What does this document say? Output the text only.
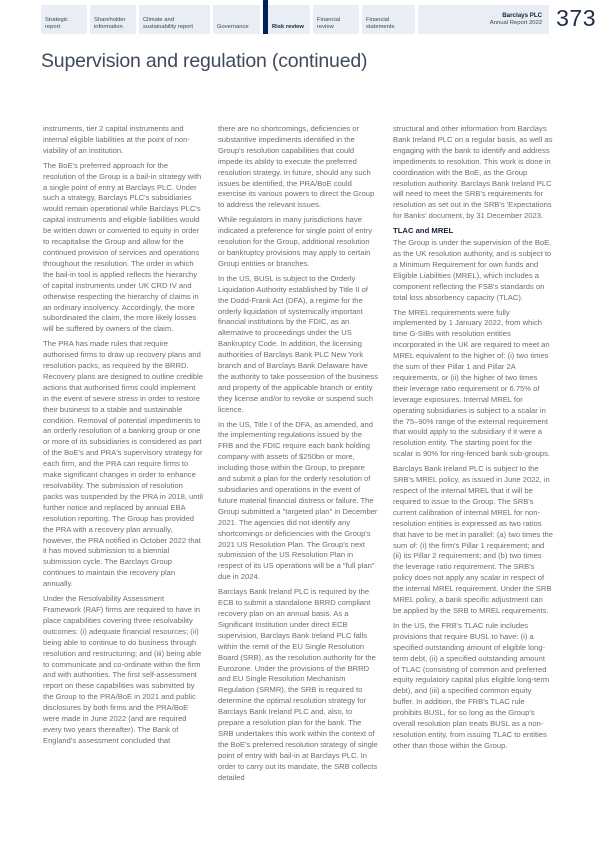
Strategic report
Shareholder information
Climate and sustainability report	Governance	Risk review
Financial review
Financial statements
Barclays PLC
Annual Report 2022 373
Supervision and regulation (continued)

instruments, tier 2 capital instruments and internal eligible liabilities at the point of non-viability of an institution.

The BoE's preferred approach for the resolution of the Group is a bail-in strategy with a single point of entry at Barclays PLC. Under such a strategy, Barclays PLC's subsidiaries would remain operational while Barclays PLC's capital instruments and eligible liabilities would be written down or converted to equity in order to recapitalise the Group and allow for the continued provision of services and operations throughout the resolution. The order in which the bail-in tool is applied reflects the hierarchy of capital instruments under UK CRD IV and otherwise respecting the hierarchy of claims in an ordinary insolvency. Accordingly, the more subordinated the claim, the more likely losses will be suffered by owners of the claim.

The PRA has made rules that require authorised firms to draw up recovery plans and resolution packs, as required by the BRRD. Recovery plans are designed to outline credible actions that authorised firms could implement in the event of severe stress in order to restore their business to a stable and sustainable condition. Removal of potential impediments to an orderly resolution of a banking group or one or more of its subsidiaries is considered as part of the BoE's and PRA's supervisory strategy for each firm, and the PRA can require firms to make significant changes in order to enhance resolvability. The submission of resolution packs was suspended by the PRA in 2018, until further notice and replaced by annual EBA resolution reporting. The Group has provided the PRA with a recovery plan annually, however, the PRA notified in October 2022 that it has moved submission to a biennial submission cycle. The Barclays Group continues to maintain the recovery plan annually.

Under the Resolvability Assessment Framework (RAF) firms are required to have in place capabilities covering three resolvability outcomes: (i) adequate financial resources; (ii) being able to continue to do business through resolution and restructuring; and (iii) being able to communicate and co-ordinate within the firm and with authorities. The first self-assessment report on these capabilities was submitted by the Group to the PRA/BoE in 2021 and public disclosures by both firms and the PRA/BoE were made in June 2022 (and are required every two years thereafter). The Bank of England's assessment concluded that

there are no shortcomings, deficiencies or substantive impediments identified in the Group's resolution capabilities that could impede its ability to execute the preferred resolution strategy. In future, should any such issues be identified, the PRA/BoE could exercise its various powers to direct the Group to address the relevant issues.

While regulators in many jurisdictions have indicated a preference for single point of entry resolution for the Group, additional resolution or bankruptcy provisions may apply to certain Group entities or branches.

In the US, BUSL is subject to the Orderly Liquidation Authority established by Title II of the Dodd-Frank Act (DFA), a regime for the orderly liquidation of systemically important financial institutions by the FDIC, as an alternative to proceedings under the US Bankruptcy Code. In addition, the licensing authorities of Barclays Bank PLC New York branch and of Barclays Bank Delaware have the authority to take possession of the business and property of the applicable branch or entity they license and/or to revoke or suspend such licence.

In the US, Title I of the DFA, as amended, and the implementing regulations issued by the FRB and the FDIC require each bank holding company with assets of $250bn or more, including those within the Group, to prepare and submit a plan for the orderly resolution of subsidiaries and operations in the event of future material financial distress or failure. The Group submitted a "targeted plan" in December 2021. The agencies did not identify any shortcomings or deficiencies with the Group's 2021 US Resolution Plan. The Group's next submission of the US Resolution Plan in respect of its US operations will be a "full plan" due in 2024.

Barclays Bank Ireland PLC is required by the ECB to submit a standalone BRRD compliant recovery plan on an annual basis. As a Significant Institution under direct ECB supervision, Barclays Bank Ireland PLC falls within the remit of the EU Single Resolution Board (SRB), as the resolution authority for the Eurozone. Under the provisions of the BRRD and EU Single Resolution Mechanism Regulation (SRMR), the SRB is required to determine the optimal resolution strategy for Barclays Bank Ireland PLC and, also, to prepare a resolution plan for the bank. The SRB undertakes this work within the context of the BoE's preferred resolution strategy of single point of entry with bail-in at Barclays PLC. In order to carry out its mandate, the SRB collects detailed

structural and other information from Barclays Bank Ireland PLC on a regular basis, as well as engaging with the bank to identify and address impediments to resolution. This work is done in coordination with the BoE, as the Group resolution authority. Barclays Bank Ireland PLC will need to meet the SRB's requirements for resolution as set out in the SRB's 'Expectations for Banks' document, by 31 December 2023.

TLAC and MREL

The Group is under the supervision of the BoE, as the UK resolution authority, and is subject to a Minimum Requirement for own funds and Eligible Liabilities (MREL), which includes a component reflecting the FSB's standards on total loss absorbency capacity (TLAC).

The MREL requirements were fully implemented by 1 January 2022, from which time G-SIBs with resolution entities incorporated in the UK are required to meet an MREL equivalent to the higher of: (i) two times the sum of their Pillar 1 and Pillar 2A requirements, or (ii) the higher of two times their leverage ratio requirement or 6.75% of leverage exposures. Internal MREL for operating subsidiaries is subject to a scalar in the 75–90% range of the external requirement that would apply to the subsidiary if it were a resolution entity. The starting point for the scalar is 90% for ring-fenced bank sub-groups.

Barclays Bank Ireland PLC is subject to the SRB's MREL policy, as issued in June 2022, in respect of the internal MREL that it will be required to issue to the Group. The SRB's current calibration of internal MREL for non-resolution entities is expressed as two ratios that have to be met in parallel: (a) two times the sum of: (i) the firm's Pillar 1 requirement; and (ii) its Pillar 2 requirement; and (b) two times the leverage ratio requirement. The SRB's policy does not apply any scalar in respect of the internal MREL requirement. Under the SRB MREL policy, a bank specific adjustment can be applied by the SRB to MREL requirements.

In the US, the FRB's TLAC rule includes provisions that require BUSL to have: (i) a specified outstanding amount of eligible long-term debt, (ii) a specified outstanding amount of TLAC (consisting of common and preferred equity regulatory capital plus eligible long-term debt), and (iii) a specified common equity buffer. In addition, the FRB's TLAC rule prohibits BUSL, for so long as the Group's overall resolution plan treats BUSL as a non-resolution entity, from issuing TLAC to entities other than those within the Group.
